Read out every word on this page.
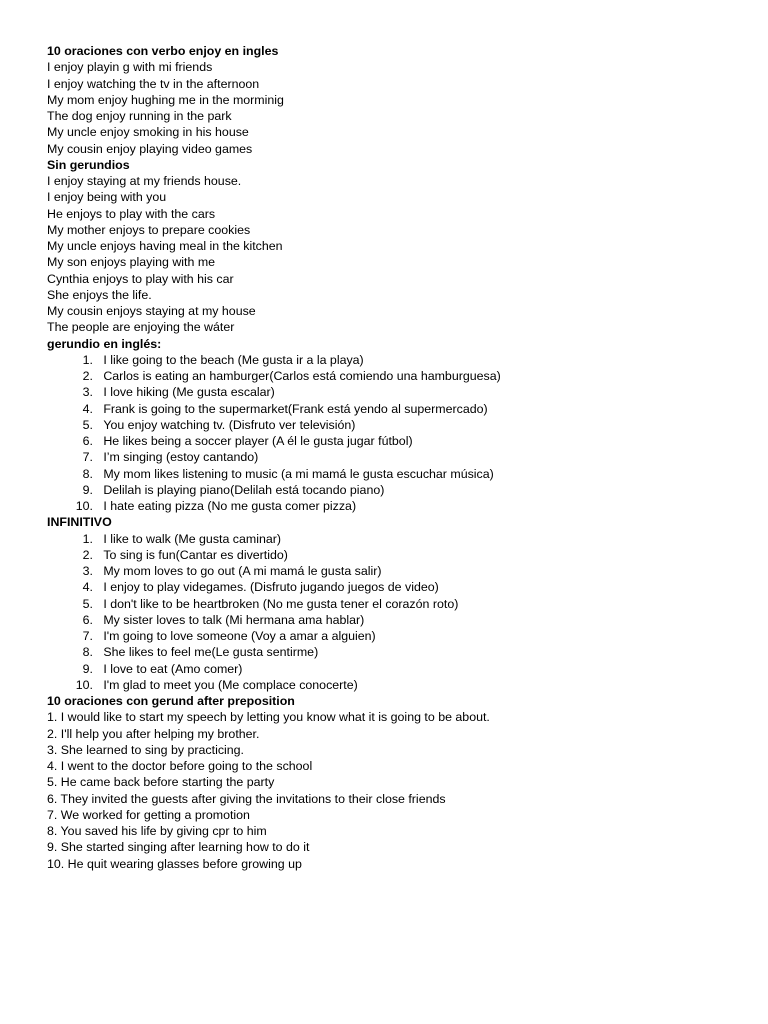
10 oraciones con verbo enjoy en ingles
I enjoy playin g with mi friends
I enjoy watching the tv in the afternoon
My mom enjoy hughing me in the morminig
The dog enjoy running in the park
My uncle enjoy smoking in his house
My cousin enjoy playing video games
Sin gerundios
I enjoy staying at my friends house.
I enjoy being with you
He enjoys to play with the cars
My mother enjoys to prepare cookies
My uncle enjoys having meal in the kitchen
My son enjoys playing with me
Cynthia enjoys to play with his car
She enjoys the life.
My cousin enjoys staying at my house
The people are enjoying the wáter
gerundio en inglés:
1.
I like going to the beach (Me gusta ir a la playa)
2.
Carlos is eating an hamburger(Carlos está comiendo una hamburguesa)
3.
I love hiking (Me gusta escalar)
4.
Frank is going to the supermarket(Frank está yendo al supermercado)
5.
You enjoy watching tv. (Disfruto ver televisión)
6.
He likes being a soccer player (A él le gusta jugar fútbol)
7.
I’m singing (estoy cantando)
8.
My mom likes listening to music (a mi mamá le gusta escuchar música)
9.
Delilah is playing piano(Delilah está tocando piano)
10.
I hate eating pizza (No me gusta comer pizza)
INFINITIVO
1.
I like to walk (Me gusta caminar)
2.
To sing is fun(Cantar es divertido)
3.
My mom loves to go out (A mi mamá le gusta salir)
4.
I enjoy to play videgames. (Disfruto jugando juegos de video)
5.
I don't like to be heartbroken (No me gusta tener el corazón roto)
6.
My sister loves to talk (Mi hermana ama hablar)
7.
I'm going to love someone (Voy a amar a alguien)
8.
She likes to feel me(Le gusta sentirme)
9.
I love to eat (Amo comer)
10.
I'm glad to meet you (Me complace conocerte)
10 oraciones con gerund after preposition
1. I would like to start my speech by letting you know what it is going to be about.
2. I'll help you after helping my brother.
3. She learned to sing by practicing.
4. I went to the doctor before going to the school
5. He came back before starting the party
6. They invited the guests after giving the invitations to their close friends
7. We worked for getting a promotion
8. You saved his life by giving cpr to him
9. She started singing after learning how to do it
10. He quit wearing glasses before growing up
